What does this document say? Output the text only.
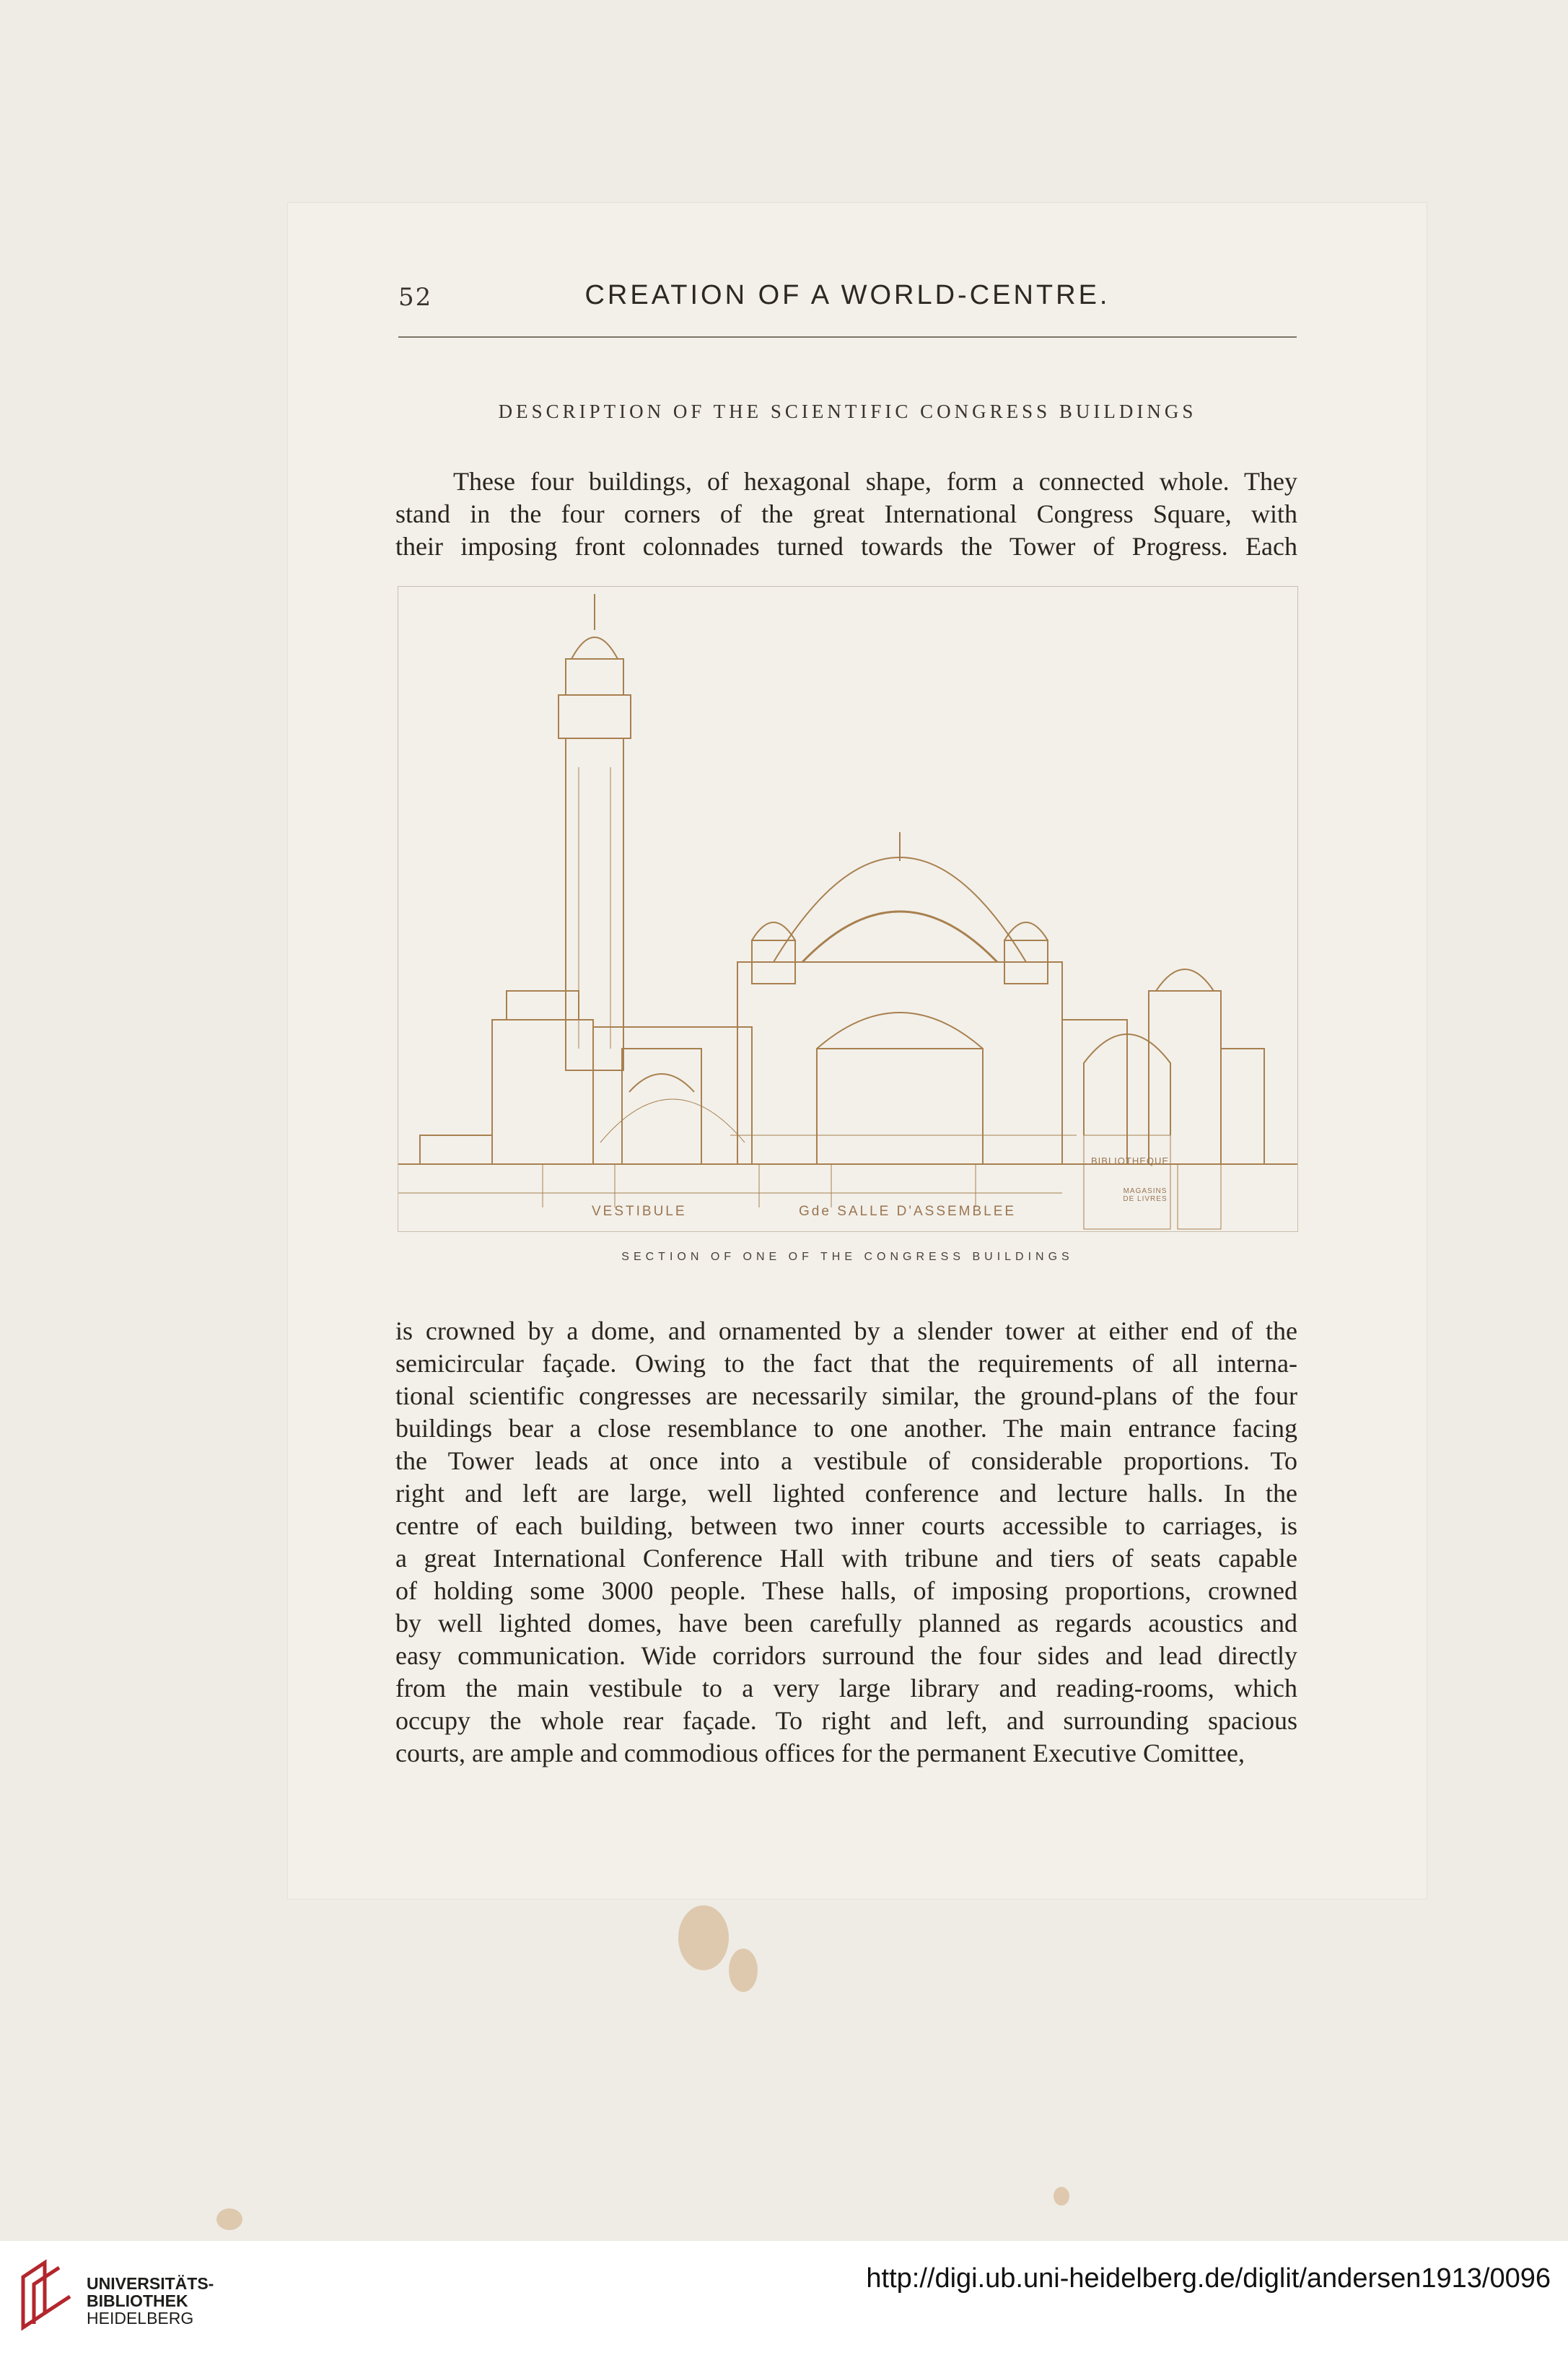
52	CREATION OF A WORLD-CENTRE.
DESCRIPTION OF THE SCIENTIFIC CONGRESS BUILDINGS
These four buildings, of hexagonal shape, form a connected whole. They
stand in the four corners of the great International Congress Square, with
their imposing front colonnades turned towards the Tower of Progress. Each
VESTIBULE	Gde SALLE D'ASSEMBLEE
BIBLIOTHEQUE
MAGASINS DE LIVRES
SECTION OF ONE OF THE CONGRESS BUILDINGS
is crowned by a dome, and ornamented by a slender tower at either end of the
semicircular façade. Owing to the fact that the requirements of all interna-
tional scientific congresses are necessarily similar, the ground-plans of the four
buildings bear a close resemblance to one another. The main entrance facing
the Tower leads at once into a vestibule of considerable proportions. To
right and left are large, well lighted conference and lecture halls. In the
centre of each building, between two inner courts accessible to carriages, is
a great International Conference Hall with tribune and tiers of seats capable
of holding some 3000 people. These halls, of imposing proportions, crowned
by well lighted domes, have been carefully planned as regards acoustics and
easy communication. Wide corridors surround the four sides and lead directly
from the main vestibule to a very large library and reading-rooms, which
occupy the whole rear façade. To right and left, and surrounding spacious
courts, are ample and commodious offices for the permanent Executive Comittee,
UNIVERSITÄTS-
BIBLIOTHEK
HEIDELBERG
http://digi.ub.uni-heidelberg.de/diglit/andersen1913/0096
